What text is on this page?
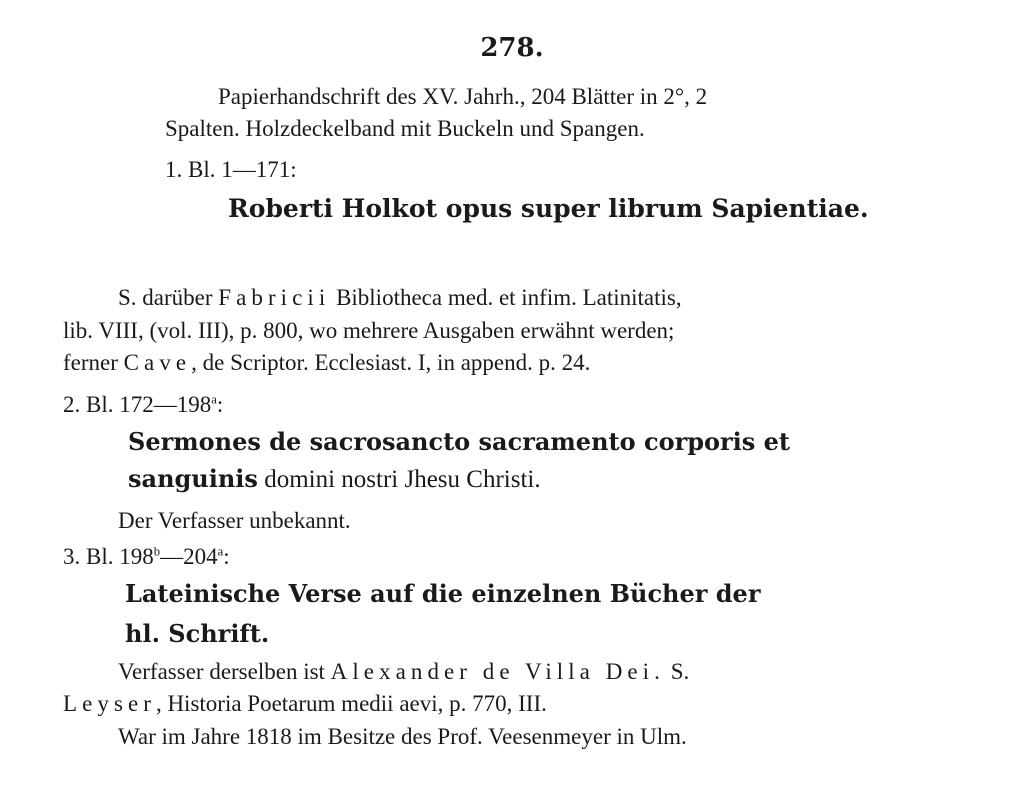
278.
Papierhandschrift des XV. Jahrh., 204 Blätter in 2°, 2
Spalten. Holzdeckelband mit Buckeln und Spangen.
1. Bl. 1—171:
Roberti Holkot opus super librum Sapientiae.
S. darüber Fabricii Bibliotheca med. et infim. Latinitatis,
lib. VIII, (vol. III), p. 800, wo mehrere Ausgaben erwähnt werden;
ferner Cave, de Scriptor. Ecclesiast. I, in append. p. 24.
2. Bl. 172—198$^a$:
Sermones de sacrosancto sacramento corporis et
sanguinis domini nostri Jhesu Christi.
Der Verfasser unbekannt.
3. Bl. 198$^b$—204$^a$:
Lateinische Verse auf die einzelnen Bücher der
hl. Schrift.
Verfasser derselben ist Alexander de Villa Dei. S.
Leyser, Historia Poetarum medii aevi, p. 770, III.
War im Jahre 1818 im Besitze des Prof. Veesenmeyer in Ulm.
